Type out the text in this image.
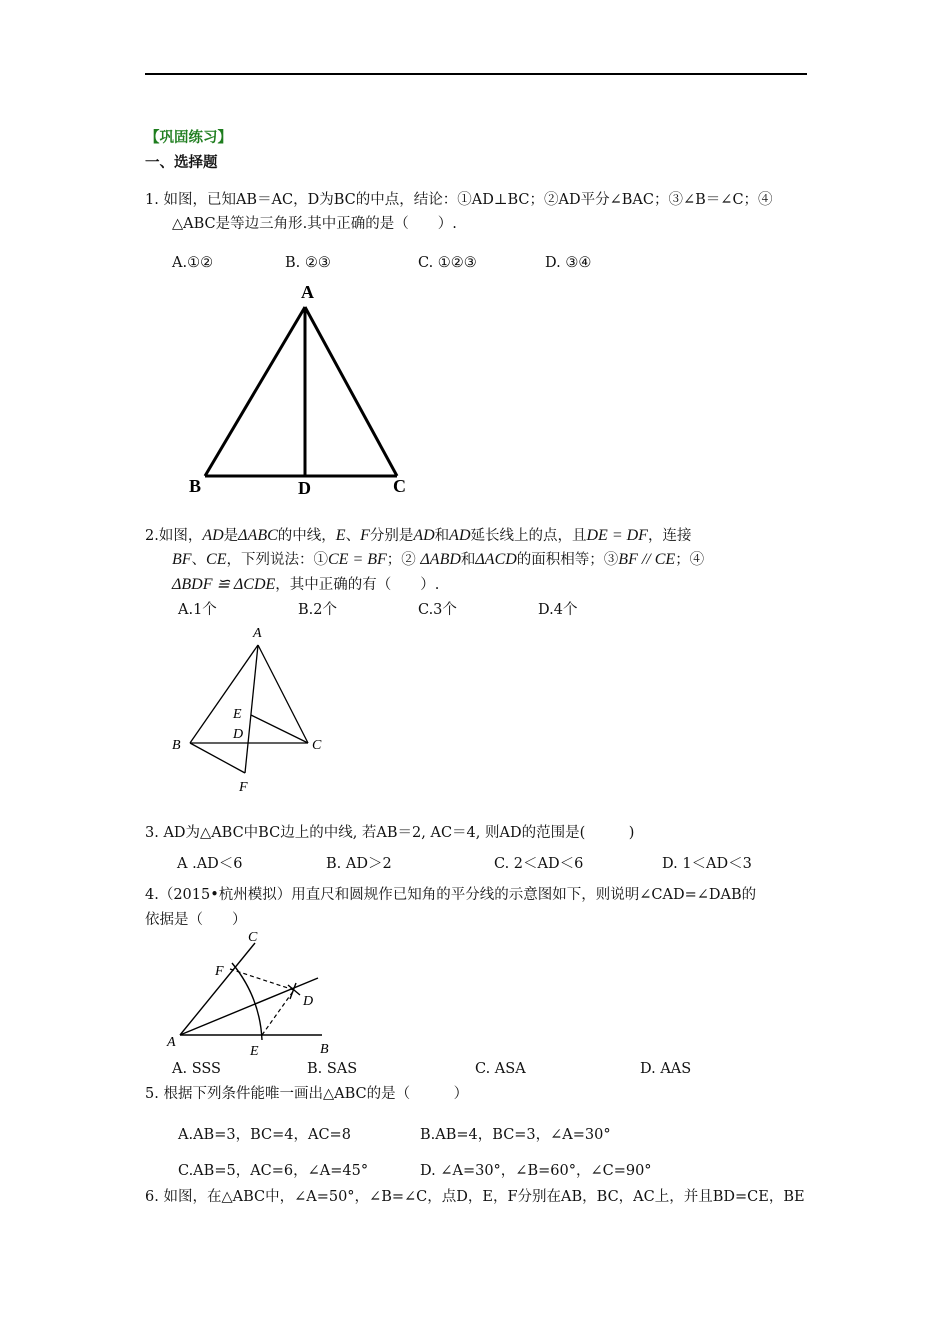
【巩固练习】
一、选择题
1. 如图，已知AB＝AC，D为BC的中点，结论：①AD⊥BC；②AD平分∠BAC；③∠B＝∠C；④
△ABC是等边三角形.其中正确的是（　　）.
A.①②	B. ②③	C. ①②③	D. ③④
A
B	D	C
2.如图，AD是ΔABC的中线，E、F分别是AD和AD延长线上的点，且DE = DF，连接
BF、CE，下列说法：①CE = BF；② ΔABD和ΔACD的面积相等；③BF // CE；④
ΔBDF ≌ ΔCDE，其中正确的有（　　）.
A.1个	B.2个	C.3个	D.4个
A
E
D
B	C
F
3. AD为△ABC中BC边上的中线, 若AB＝2, AC＝4, 则AD的范围是(　　　)
A .AD＜6	B. AD＞2	C. 2＜AD＜6	D. 1＜AD＜3
4.（2015•杭州模拟）用直尺和圆规作已知角的平分线的示意图如下，则说明∠CAD=∠DAB的
依据是（　　）
C
F
D
A
E	B
A. SSS	B. SAS	C. ASA	D. AAS
5. 根据下列条件能唯一画出△ABC的是（　　　）
A.AB=3，BC=4，AC=8	B.AB=4，BC=3，∠A=30°
C.AB=5，AC=6，∠A=45°	D. ∠A=30°，∠B=60°，∠C=90°
6. 如图，在△ABC中，∠A=50°，∠B=∠C，点D，E，F分别在AB，BC，AC上，并且BD=CE，BE
